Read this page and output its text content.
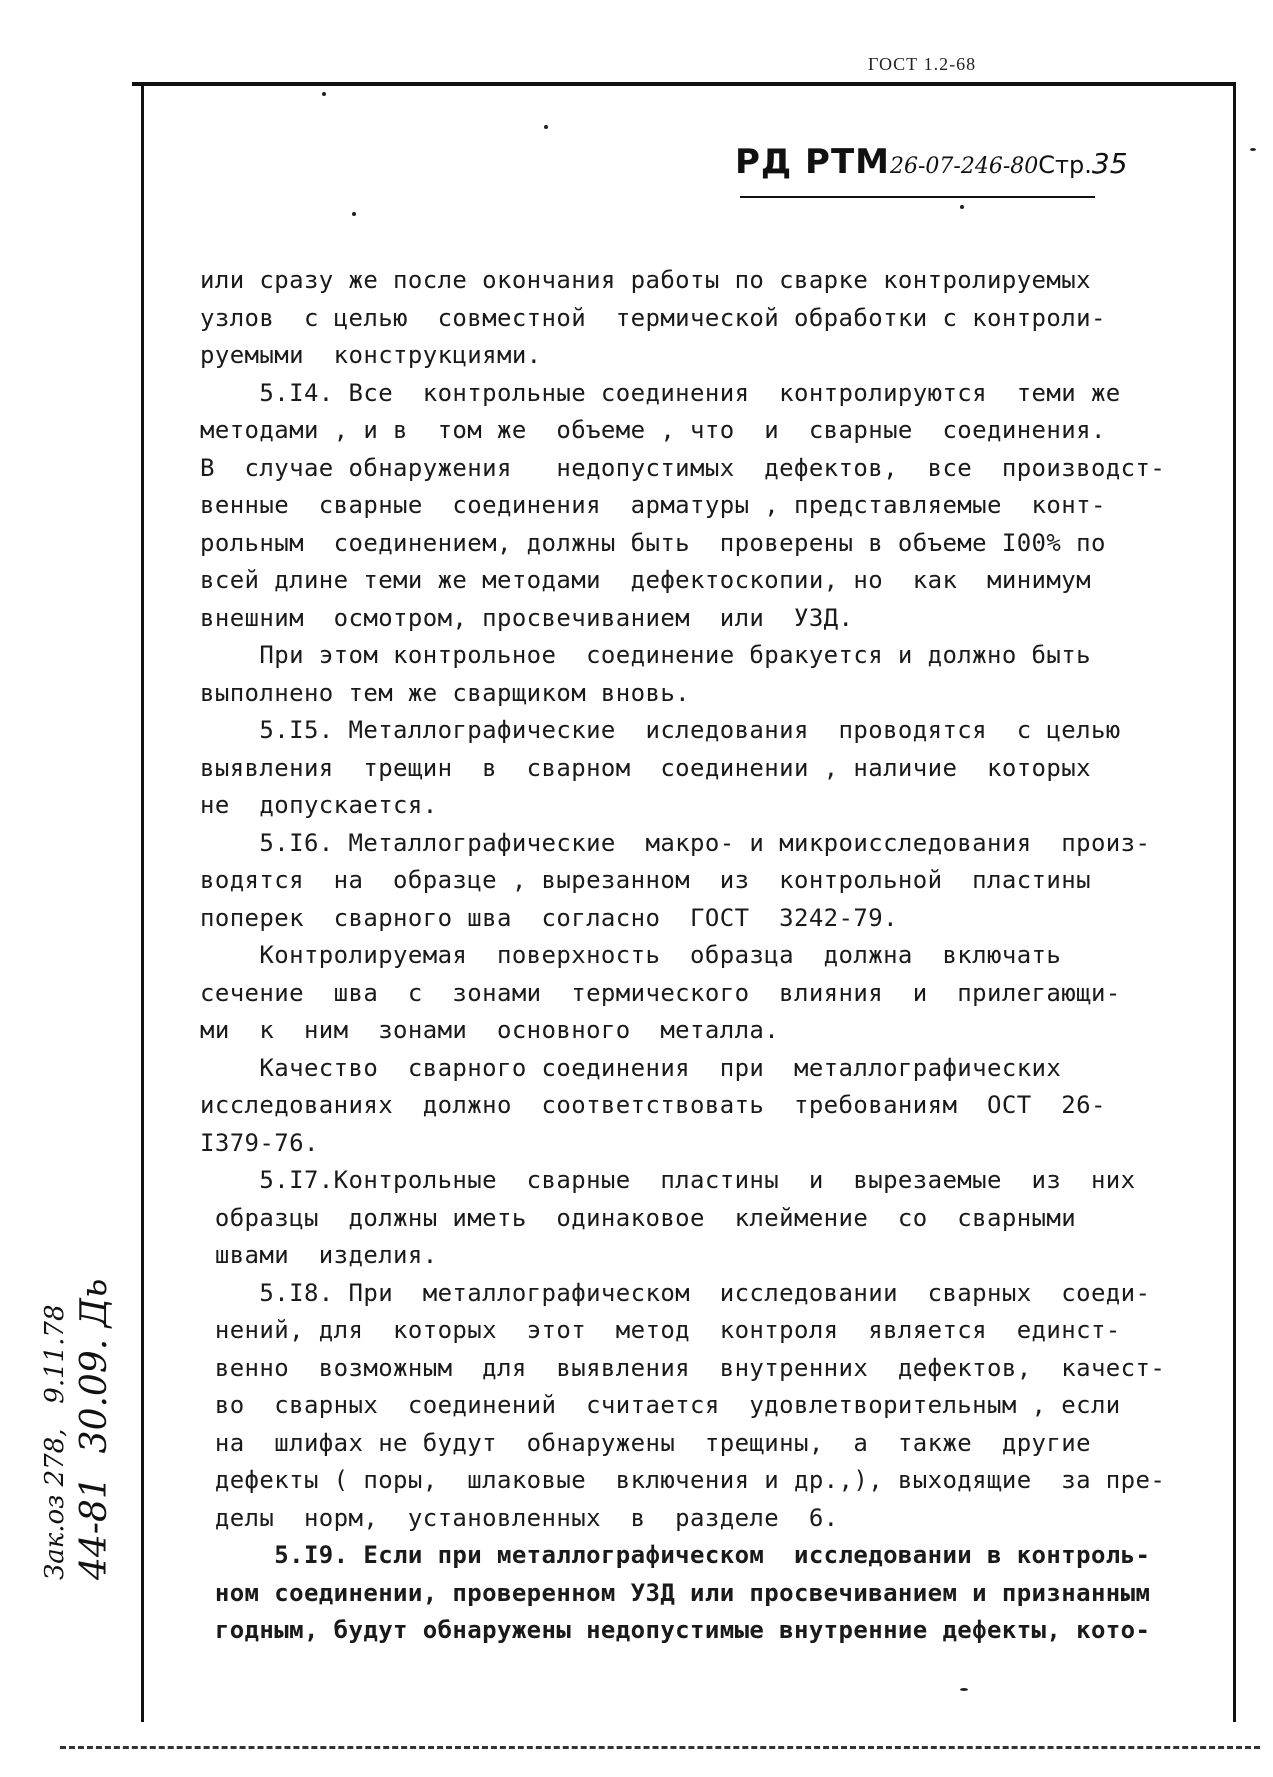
ГОСТ 1.2-68
РД РТМ26-07-246-80Стр.35
или сразу же после окончания работы по сварке контролируемых
узлов  с целью  совместной  термической обработки с контроли-
руемыми  конструкциями.
5.I4. Все  контрольные соединения  контролируются  теми же
методами , и в  том же  объеме , что  и  сварные  соединения.
В  случае обнаружения   недопустимых  дефектов,  все  производст-
венные  сварные  соединения  арматуры , представляемые  конт-
рольным  соединением, должны быть  проверены в объеме I00% по
всей длине теми же методами  дефектоскопии, но  как  минимум
внешним  осмотром, просвечиванием  или  УЗД.
При этом контрольное  соединение бракуется и должно быть
выполнено тем же сварщиком вновь.
5.I5. Металлографические  иследования  проводятся  с целью
выявления  трещин  в  сварном  соединении , наличие  которых
не  допускается.
5.I6. Металлографические  макро- и микроисследования  произ-
водятся  на  образце , вырезанном  из  контрольной  пластины
поперек  сварного шва  согласно  ГОСТ  3242-79.
Контролируемая  поверхность  образца  должна  включать
сечение  шва  с  зонами  термического  влияния  и  прилегающи-
ми  к  ним  зонами  основного  металла.
Качество  сварного соединения  при  металлографических
исследованиях  должно  соответствовать  требованиям  ОСТ  26-
I379-76.
5.I7.Контрольные  сварные  пластины  и  вырезаемые  из  них
образцы  должны иметь  одинаковое  клеймение  со  сварными
швами  изделия.
5.I8. При  металлографическом  исследовании  сварных  соеди-
нений, для  которых  этот  метод  контроля  является  единст-
венно  возможным  для  выявления  внутренних  дефектов,  качест-
во  сварных  соединений  считается  удовлетворительным , если
на  шлифах не будут  обнаружены  трещины,  а  также  другие
дефекты ( поры,  шлаковые  включения и др.,), выходящие  за пре-
делы  норм,  установленных  в  разделе  6.
5.I9. Если при металлографическом  исследовании в контроль-
ном соединении, проверенном УЗД или просвечиванием и признанным
годным, будут обнаружены недопустимые внутренние дефекты, кото-
Зак.оз 278,   9.11.78 44-81  30.09. Дь
